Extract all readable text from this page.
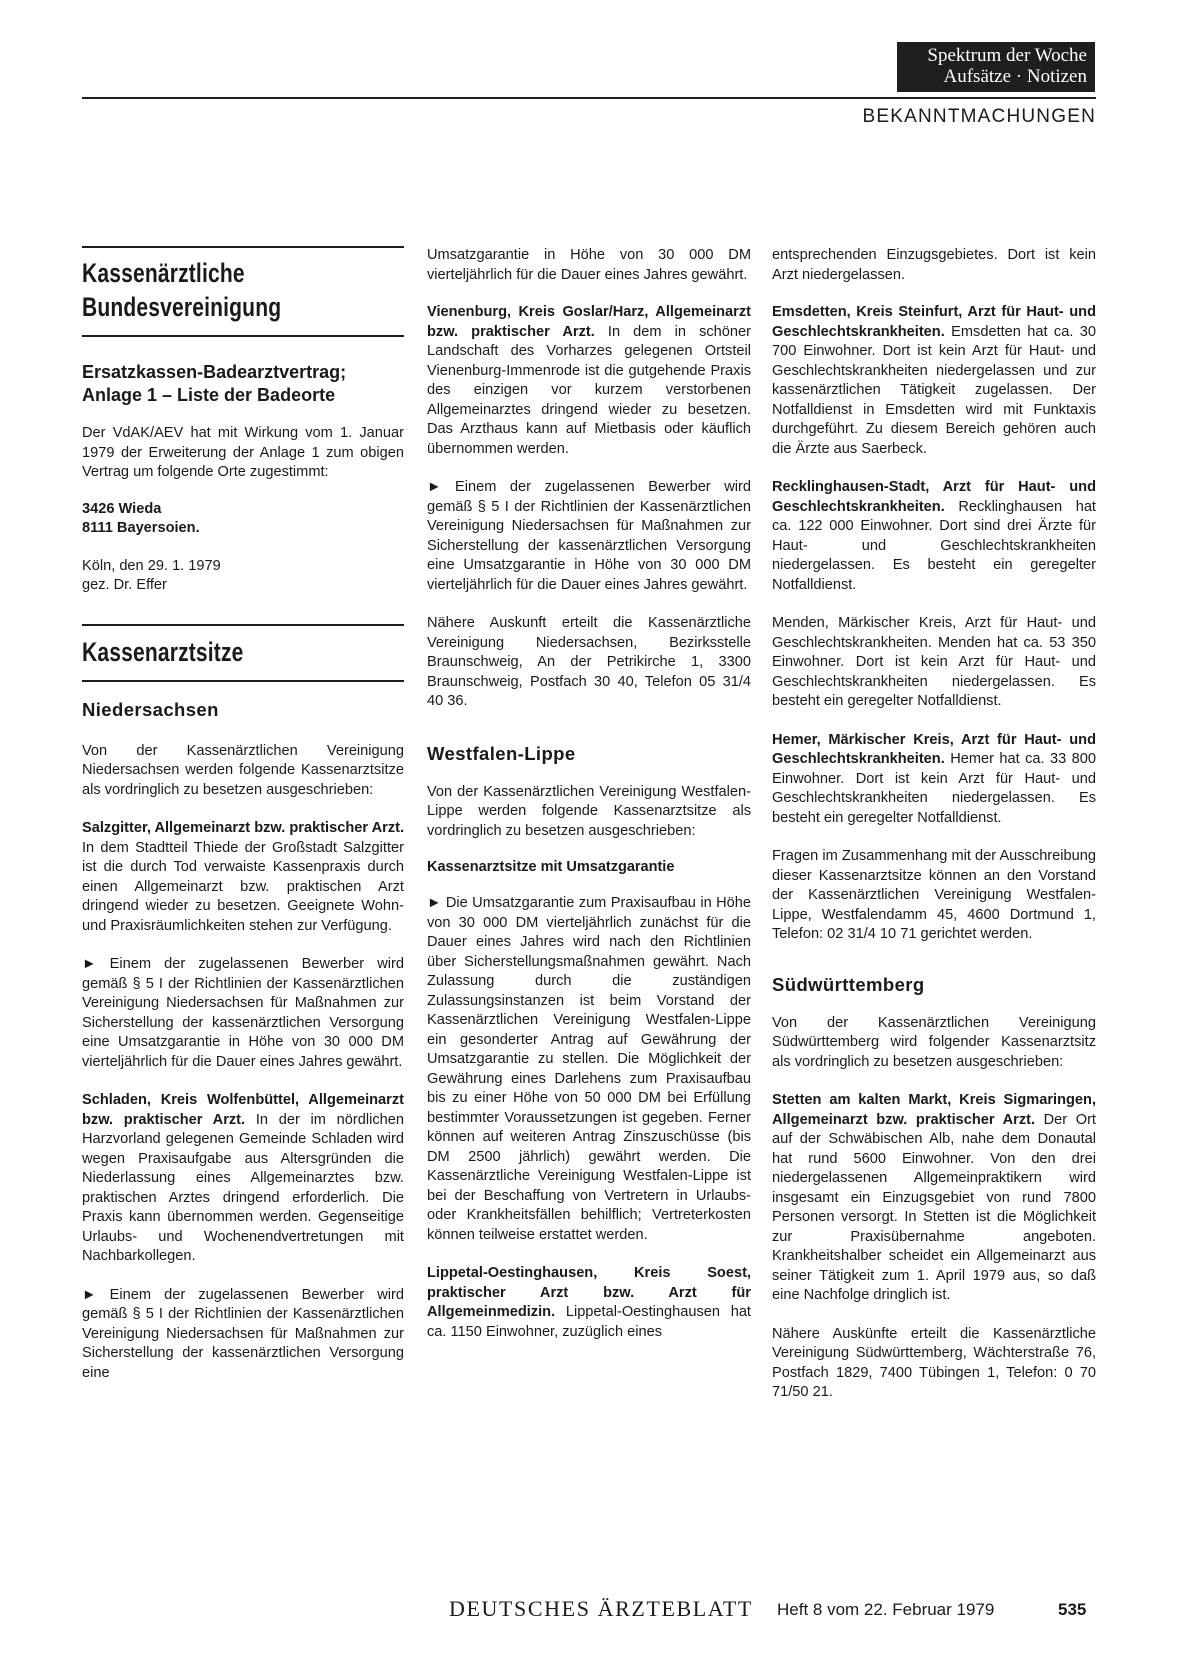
Spektrum der Woche
Aufsätze · Notizen
BEKANNTMACHUNGEN
Kassenärztliche
Bundesvereinigung
Ersatzkassen-Badearztvertrag;
Anlage 1 – Liste der Badeorte

Der VdAK/AEV hat mit Wirkung vom 1. Januar 1979 der Erweiterung der Anlage 1 zum obigen Vertrag um folgende Orte zugestimmt:

3426 Wieda
8111 Bayersoien.
Köln, den 29. 1. 1979
gez. Dr. Effer
Kassenarztsitze
Niedersachsen

Von der Kassenärztlichen Vereinigung Niedersachsen werden folgende Kassenarztsitze als vordringlich zu besetzen ausgeschrieben:

Salzgitter, Allgemeinarzt bzw. praktischer Arzt. In dem Stadtteil Thiede der Großstadt Salzgitter ist die durch Tod verwaiste Kassenpraxis durch einen Allgemeinarzt bzw. praktischen Arzt dringend wieder zu besetzen. Geeignete Wohn- und Praxisräumlichkeiten stehen zur Verfügung.

► Einem der zugelassenen Bewerber wird gemäß § 5 I der Richtlinien der Kassenärztlichen Vereinigung Niedersachsen für Maßnahmen zur Sicherstellung der kassenärztlichen Versorgung eine Umsatzgarantie in Höhe von 30 000 DM vierteljährlich für die Dauer eines Jahres gewährt.

Schladen, Kreis Wolfenbüttel, Allgemeinarzt bzw. praktischer Arzt. In der im nördlichen Harzvorland gelegenen Gemeinde Schladen wird wegen Praxisaufgabe aus Altersgründen die Niederlassung eines Allgemeinarztes bzw. praktischen Arztes dringend erforderlich. Die Praxis kann übernommen werden. Gegenseitige Urlaubs- und Wochenendvertretungen mit Nachbarkollegen.

► Einem der zugelassenen Bewerber wird gemäß § 5 I der Richtlinien der Kassenärztlichen Vereinigung Niedersachsen für Maßnahmen zur Sicherstellung der kassenärztlichen Versorgung eine

Umsatzgarantie in Höhe von 30 000 DM vierteljährlich für die Dauer eines Jahres gewährt.

Vienenburg, Kreis Goslar/Harz, Allgemeinarzt bzw. praktischer Arzt. In dem in schöner Landschaft des Vorharzes gelegenen Ortsteil Vienenburg-Immenrode ist die gutgehende Praxis des einzigen vor kurzem verstorbenen Allgemeinarztes dringend wieder zu besetzen. Das Arzthaus kann auf Mietbasis oder käuflich übernommen werden.

► Einem der zugelassenen Bewerber wird gemäß § 5 I der Richtlinien der Kassenärztlichen Vereinigung Niedersachsen für Maßnahmen zur Sicherstellung der kassenärztlichen Versorgung eine Umsatzgarantie in Höhe von 30 000 DM vierteljährlich für die Dauer eines Jahres gewährt.

Nähere Auskunft erteilt die Kassenärztliche Vereinigung Niedersachsen, Bezirksstelle Braunschweig, An der Petrikirche 1, 3300 Braunschweig, Postfach 30 40, Telefon 05 31/4 40 36.

Westfalen-Lippe

Von der Kassenärztlichen Vereinigung Westfalen-Lippe werden folgende Kassenarztsitze als vordringlich zu besetzen ausgeschrieben:

Kassenarztsitze mit Umsatzgarantie

► Die Umsatzgarantie zum Praxisaufbau in Höhe von 30 000 DM vierteljährlich zunächst für die Dauer eines Jahres wird nach den Richtlinien über Sicherstellungsmaßnahmen gewährt. Nach Zulassung durch die zuständigen Zulassungsinstanzen ist beim Vorstand der Kassenärztlichen Vereinigung Westfalen-Lippe ein gesonderter Antrag auf Gewährung der Umsatzgarantie zu stellen. Die Möglichkeit der Gewährung eines Darlehens zum Praxisaufbau bis zu einer Höhe von 50 000 DM bei Erfüllung bestimmter Voraussetzungen ist gegeben. Ferner können auf weiteren Antrag Zinszuschüsse (bis DM 2500 jährlich) gewährt werden. Die Kassenärztliche Vereinigung Westfalen-Lippe ist bei der Beschaffung von Vertretern in Urlaubs- oder Krankheitsfällen behilflich; Vertreterkosten können teilweise erstattet werden.

Lippetal-Oestinghausen, Kreis Soest, praktischer Arzt bzw. Arzt für Allgemeinmedizin. Lippetal-Oestinghausen hat ca. 1150 Einwohner, zuzüglich eines

entsprechenden Einzugsgebietes. Dort ist kein Arzt niedergelassen.

Emsdetten, Kreis Steinfurt, Arzt für Haut- und Geschlechtskrankheiten. Emsdetten hat ca. 30 700 Einwohner. Dort ist kein Arzt für Haut- und Geschlechtskrankheiten niedergelassen und zur kassenärztlichen Tätigkeit zugelassen. Der Notfalldienst in Emsdetten wird mit Funktaxis durchgeführt. Zu diesem Bereich gehören auch die Ärzte aus Saerbeck.

Recklinghausen-Stadt, Arzt für Haut- und Geschlechtskrankheiten. Recklinghausen hat ca. 122 000 Einwohner. Dort sind drei Ärzte für Haut- und Geschlechtskrankheiten niedergelassen. Es besteht ein geregelter Notfalldienst.

Menden, Märkischer Kreis, Arzt für Haut- und Geschlechtskrankheiten. Menden hat ca. 53 350 Einwohner. Dort ist kein Arzt für Haut- und Geschlechtskrankheiten niedergelassen. Es besteht ein geregelter Notfalldienst.

Hemer, Märkischer Kreis, Arzt für Haut- und Geschlechtskrankheiten. Hemer hat ca. 33 800 Einwohner. Dort ist kein Arzt für Haut- und Geschlechtskrankheiten niedergelassen. Es besteht ein geregelter Notfalldienst.

Fragen im Zusammenhang mit der Ausschreibung dieser Kassenarztsitze können an den Vorstand der Kassenärztlichen Vereinigung Westfalen-Lippe, Westfalendamm 45, 4600 Dortmund 1, Telefon: 02 31/4 10 71 gerichtet werden.

Südwürttemberg

Von der Kassenärztlichen Vereinigung Südwürttemberg wird folgender Kassenarztsitz als vordringlich zu besetzen ausgeschrieben:

Stetten am kalten Markt, Kreis Sigmaringen, Allgemeinarzt bzw. praktischer Arzt. Der Ort auf der Schwäbischen Alb, nahe dem Donautal hat rund 5600 Einwohner. Von den drei niedergelassenen Allgemeinpraktikern wird insgesamt ein Einzugsgebiet von rund 7800 Personen versorgt. In Stetten ist die Möglichkeit zur Praxisübernahme angeboten. Krankheitshalber scheidet ein Allgemeinarzt aus seiner Tätigkeit zum 1. April 1979 aus, so daß eine Nachfolge dringlich ist.

Nähere Auskünfte erteilt die Kassenärztliche Vereinigung Südwürttemberg, Wächterstraße 76, Postfach 1829, 7400 Tübingen 1, Telefon: 0 70 71/50 21.

DEUTSCHES ÄRZTEBLATT Heft 8 vom 22. Februar 1979	535
